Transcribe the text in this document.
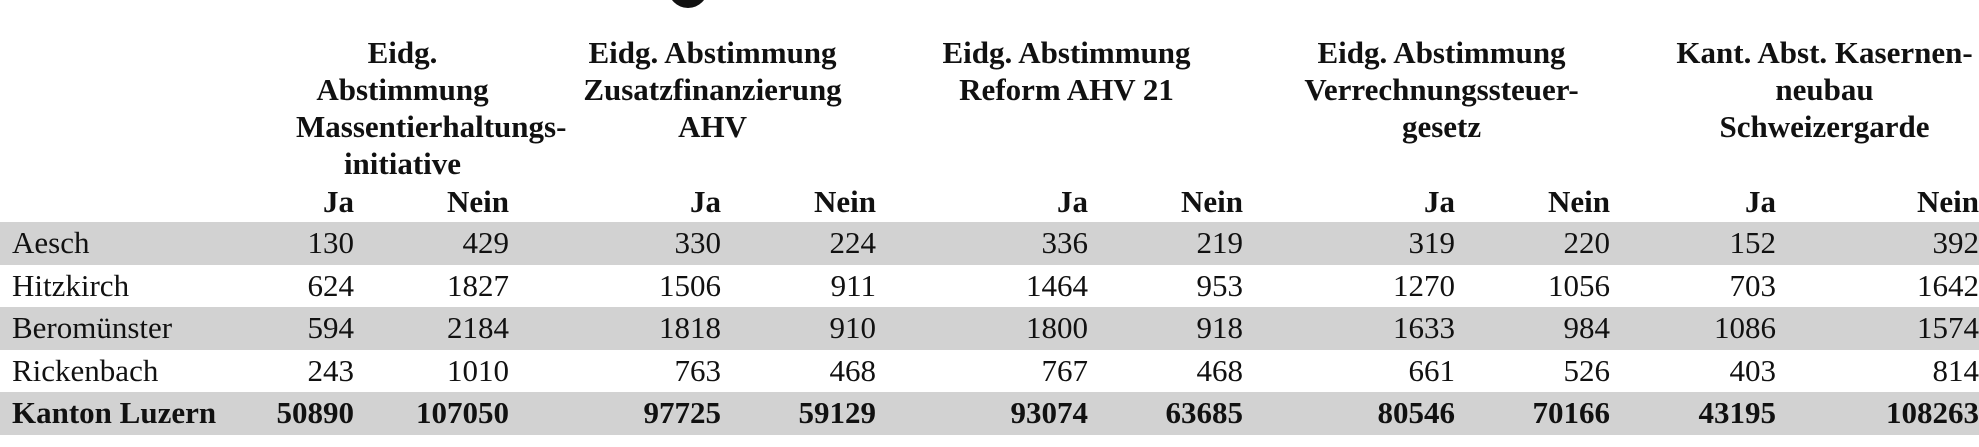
	Eidg. Abstimmung Massentierhaltungs-initiative		Eidg. Abstimmung Zusatzfinanzierung AHV		Eidg. Abstimmung Reform AHV 21		Eidg. Abstimmung Verrechnungssteuer-gesetz		Kant. Abst. Kasernen-neubau Schweizergarde	
	Ja	Nein	Ja	Nein	Ja	Nein	Ja	Nein	Ja	Nein
Aesch	130	429	330	224	336	219	319	220	152	392
Hitzkirch	624	1827	1506	911	1464	953	1270	1056	703	1642
Beromünster	594	2184	1818	910	1800	918	1633	984	1086	1574
Rickenbach	243	1010	763	468	767	468	661	526	403	814
Kanton Luzern	50890	107050	97725	59129	93074	63685	80546	70166	43195	108263
